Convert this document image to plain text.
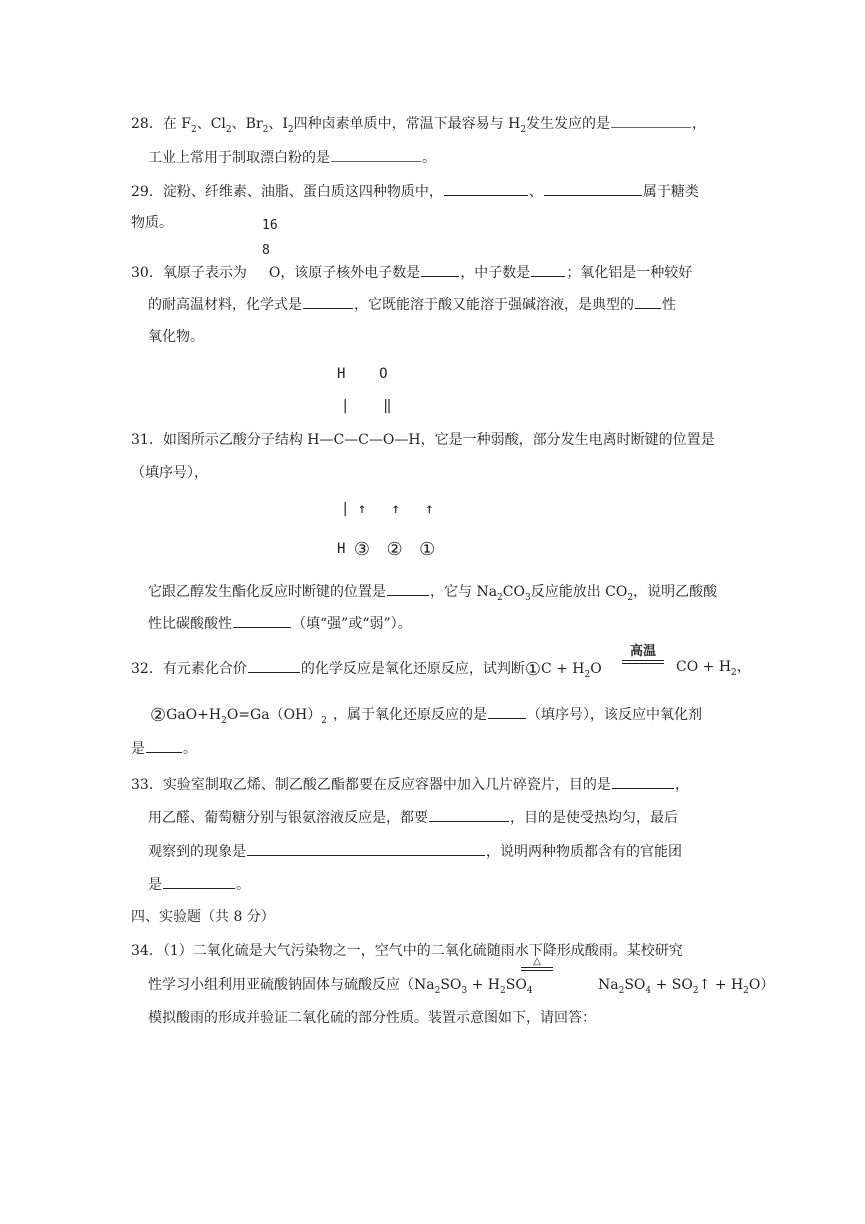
28．在 $F_2$、$Cl_2$、$Br_2$、$I_2$四种卤素单质中，常温下最容易与 $H_2$发生发应的是	，
工业上常用于制取漂白粉的是	。
29．淀粉、纤维素、油脂、蛋白质这四种物质中，	、	属于糖类
物质。	16
8
30．氧原子表示为 O，该原子核外电子数是	，中子数是	；氧化铝是一种较好
的耐高温材料，化学式是	，它既能溶于酸又能溶于强碱溶液，是典型的 性
氧化物。
H    O
|    ‖
31．如图所示乙酸分子结构 H—C—C—O—H，它是一种弱酸，部分发生电离时断键的位置是
（填序号），
| ↑   ↑   ↑
H ③ ② ①
它跟乙醇发生酯化反应时断键的位置是	，它与 $Na_2CO_3$反应能放出 $CO_2$，说明乙酸酸
性比碳酸酸性	（填“强”或“弱”）。
32．有元素化合价	的化学反应是氧化还原反应，试判断①C + $H_2O$
高温
CO + $H_2$，
$②GaO+H_2O=Ga(OH)_2$ ，属于氧化还原反应的是	（填序号），该反应中氧化剂
是	。
33．实验室制取乙烯、制乙酸乙酯都要在反应容器中加入几片碎瓷片，目的是	，
用乙醛、葡萄糖分别与银氨溶液反应是，都要	，目的是使受热均匀，最后
观察到的现象是	，说明两种物质都含有的官能团
是	。
四、实验题（共 8 分）
34．（1）二氧化硫是大气污染物之一，空气中的二氧化硫随雨水下降形成酸雨。某校研究
△
性学习小组利用亚硫酸钠固体与硫酸反应（$Na_2SO_3 + H_2SO_4$	$Na_2SO_4$ + $SO_2↑ + H_2O$）
模拟酸雨的形成并验证二氧化硫的部分性质。装置示意图如下，请回答：
